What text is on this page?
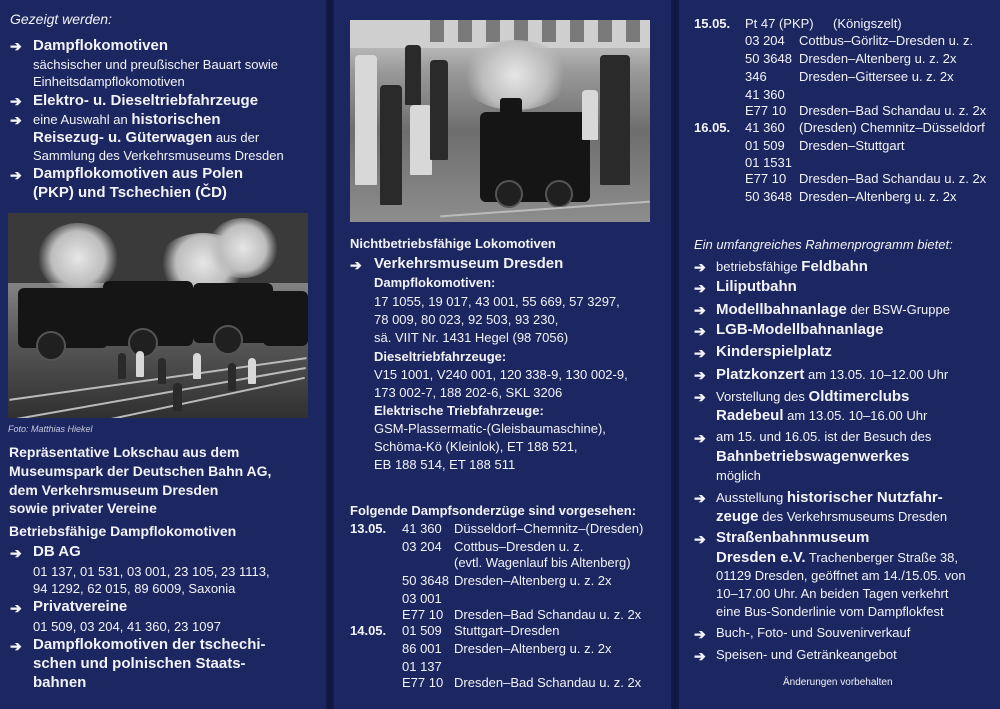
Gezeigt werden:

➔ Dampflokomotiven

sächsischer und preußischer Bauart sowie

Einheitsdampflokomotiven

➔ Elektro- u. Dieseltriebfahrzeuge

➔ eine Auswahl an historischen

Reisezug- u. Güterwagen aus der

Sammlung des Verkehrsmuseums Dresden

➔ Dampflokomotiven aus Polen

(PKP) und Tschechien (ČD)

Foto: Matthias Hiekel

Repräsentative Lokschau aus dem

Museumspark der Deutschen Bahn AG,

dem Verkehrsmuseum Dresden

sowie privater Vereine

Betriebsfähige Dampflokomotiven

➔ DB AG

01 137, 01 531, 03 001, 23 105, 23 1113,

94 1292, 62 015, 89 6009, Saxonia

➔ Privatvereine

01 509, 03 204, 41 360, 23 1097

➔ Dampflokomotiven der tschechi-

schen und polnischen Staats-

bahnen

Nichtbetriebsfähige Lokomotiven

➔ Verkehrsmuseum Dresden

Dampflokomotiven:

17 1055, 19 017, 43 001, 55 669, 57 3297,

78 009, 80 023, 92 503, 93 230,

sä. VIIT Nr. 1431 Hegel (98 7056)

Dieseltriebfahrzeuge:

V15 1001, V240 001, 120 338-9, 130 002-9,

173 002-7, 188 202-6, SKL 3206

Elektrische Triebfahrzeuge:

GSM-Plassermatic-(Gleisbaumaschine),

Schöma-Kö (Kleinlok), ET 188 521,

EB 188 514, ET 188 511

Folgende Dampfsonderzüge sind vorgesehen:

13.05. 41 360 Düsseldorf–Chemnitz–(Dresden)
03 204 Cottbus–Dresden u. z.
(evtl. Wagenlauf bis Altenberg)
50 3648 Dresden–Altenberg u. z. 2x
03 001
E77 10 Dresden–Bad Schandau u. z. 2x

14.05. 01 509 Stuttgart–Dresden
86 001 Dresden–Altenberg u. z. 2x
01 137
E77 10 Dresden–Bad Schandau u. z. 2x

15.05. Pt 47 (PKP) (Königszelt)
03 204 Cottbus–Görlitz–Dresden u. z.
50 3648 Dresden–Altenberg u. z. 2x
346 Dresden–Gittersee u. z. 2x
41 360
E77 10 Dresden–Bad Schandau u. z. 2x

16.05. 41 360 (Dresden) Chemnitz–Düsseldorf
01 509 Dresden–Stuttgart
01 1531
E77 10 Dresden–Bad Schandau u. z. 2x
50 3648 Dresden–Altenberg u. z. 2x

Ein umfangreiches Rahmenprogramm bietet:

➔ betriebsfähige Feldbahn

➔ Liliputbahn

➔ Modellbahnanlage der BSW-Gruppe

➔ LGB-Modellbahnanlage

➔ Kinderspielplatz

➔ Platzkonzert am 13.05. 10–12.00 Uhr

➔ Vorstellung des Oldtimerclubs

Radebeul am 13.05. 10–16.00 Uhr

➔ am 15. und 16.05. ist der Besuch des

Bahnbetriebswagenwerkes

möglich

➔ Ausstellung historischer Nutzfahr-

zeuge des Verkehrsmuseums Dresden

➔ Straßenbahnmuseum

Dresden e.V. Trachenberger Straße 38,

01129 Dresden, geöffnet am 14./15.05. von

10–17.00 Uhr. An beiden Tagen verkehrt

eine Bus-Sonderlinie vom Dampflokfest

➔ Buch-, Foto- und Souvenirverkauf

➔ Speisen- und Getränkeangebot

Änderungen vorbehalten
